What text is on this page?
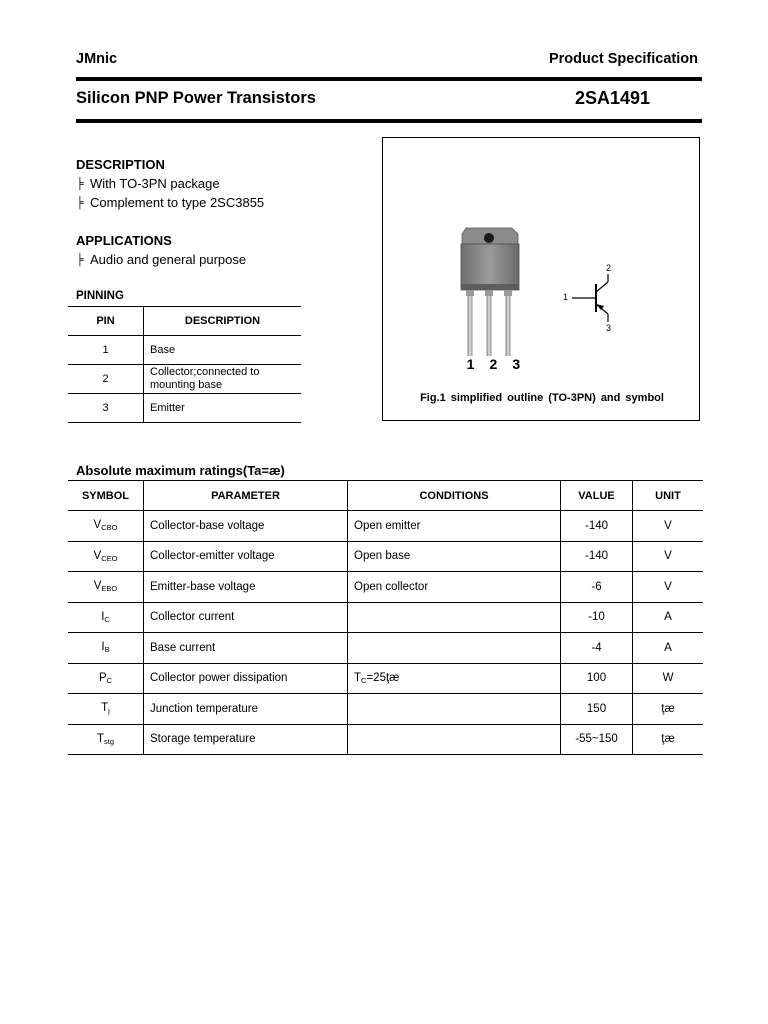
JMnic	Product Specification
Silicon PNP Power Transistors	2SA1491
DESCRIPTION
╞ With TO-3PN package
╞ Complement to type 2SC3855
APPLICATIONS
╞ Audio and general purpose
PINNING
PIN	DESCRIPTION
1	Base
2	Collector;connected to mounting base
3	Emitter
1 2 3
1
2
3
Fig.1 simplified outline (TO-3PN) and symbol
Absolute maximum ratings(Ta=æ)
SYMBOL	PARAMETER	CONDITIONS	VALUE	UNIT
$V_{CBO}$	Collector-base voltage	Open emitter	-140	V
$V_{CEO}$	Collector-emitter voltage	Open base	-140	V
$V_{EBO}$	Emitter-base voltage	Open collector	-6	V
$I_C$	Collector current		-10	A
$I_B$	Base current		-4	A
$P_C$	Collector power dissipation	$T_C=25ţæ$	100	W
$T_j$	Junction temperature		150	ţæ
$T_{stg}$	Storage temperature		-55~150	ţæ
